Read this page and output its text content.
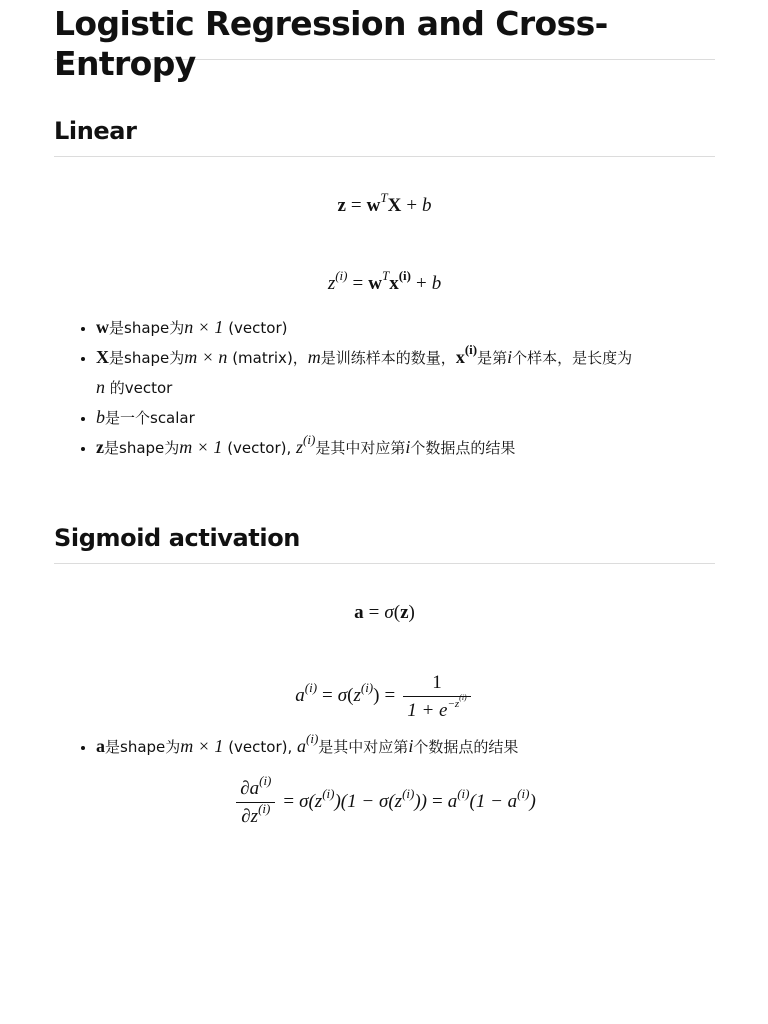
Logistic Regression and Cross-Entropy
Linear
$z = w^TX + b$
$z^{(i)} = w^Tx^{(i)} + b$
• w是shape为n × 1 (vector)
• X是shape为m × n (matrix)，m是训练样本的数量，$x^{(i)}$是第i个样本，是长度为
n 的vector
• b是一个scalar
• z是shape为m × 1 (vector), $z^{(i)}$是其中对应第i个数据点的结果
Sigmoid activation
a = σ(z)
$a^{(i)} = \sigma(z^{(i)}) = \frac{1}{1 + e^{-z^{(i)}}}$
• a是shape为m × 1 (vector), $a^{(i)}$是其中对应第i个数据点的结果
$\frac{\partial a^{(i)}}{\partial z^{(i)}} = \sigma(z^{(i)})(1 - \sigma(z^{(i)})) = a^{(i)}(1 - a^{(i)})$
